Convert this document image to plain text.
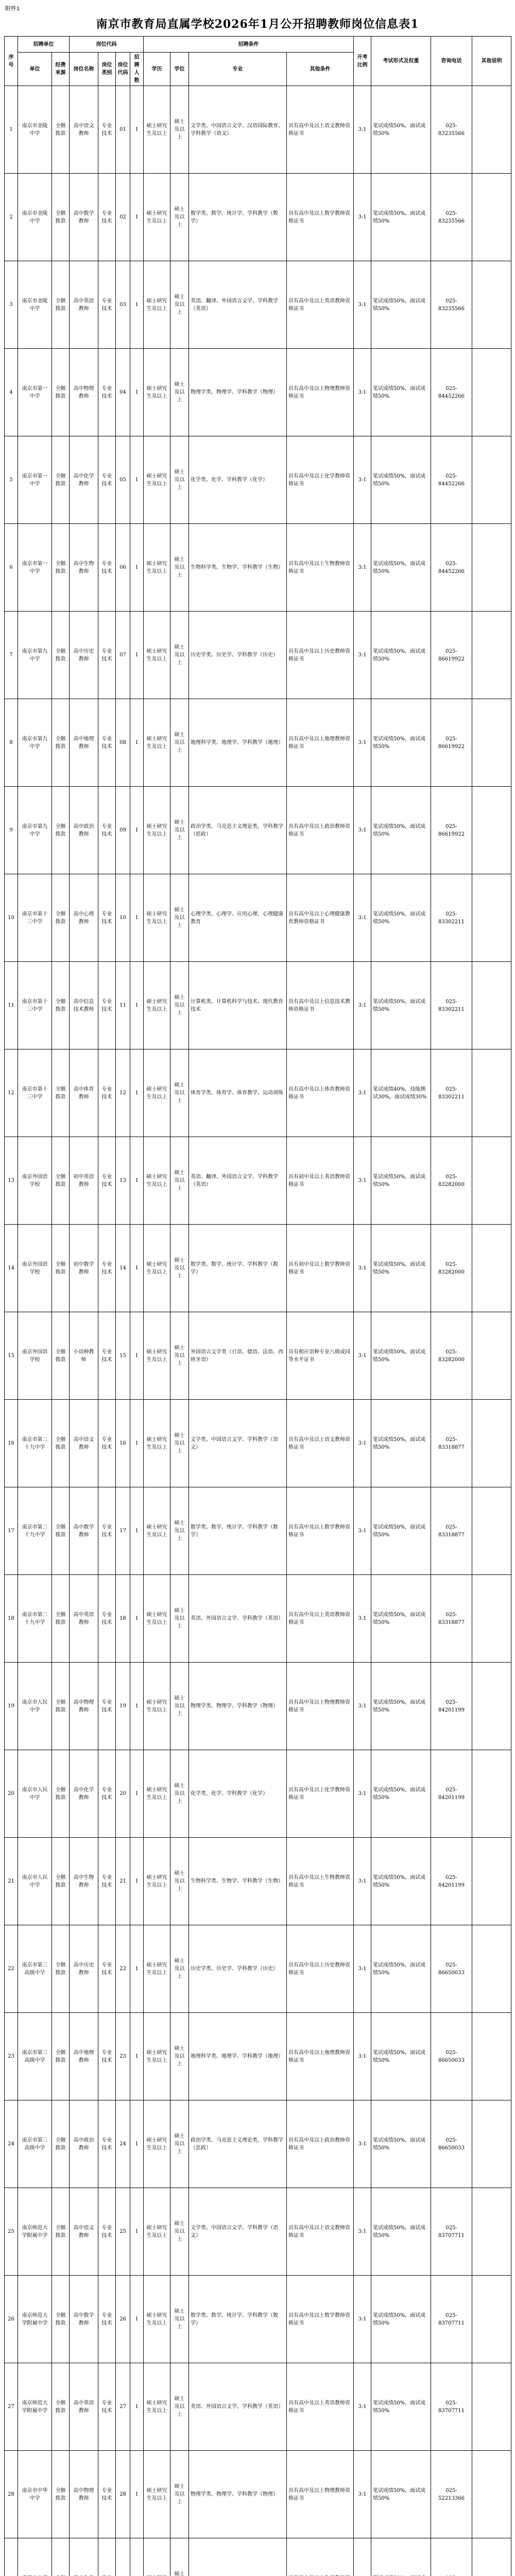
附件1
南京市教育局直属学校2026年1月公开招聘教师岗位信息表1
序号	招聘单位		岗位代码				招聘条件				开考比例	考试形式及权重	咨询电话	其他说明
	单位	经费来源	岗位名称	岗位类别	岗位代码	招聘人数	学历	学位	专业	其他条件				
1	南京市金陵中学	全额拨款	高中语文教师	专业技术	01	1	硕士研究生及以上	硕士及以上	文学类、中国语言文学、汉语国际教育、学科教学（语文）	具有高中及以上语文教师资格证书	3:1	笔试成绩50%，面试成绩50%	025-83235566	
2	南京市金陵中学	全额拨款	高中数学教师	专业技术	02	1	硕士研究生及以上	硕士及以上	数学类、数学、统计学、学科教学（数学）	具有高中及以上数学教师资格证书	3:1	笔试成绩50%，面试成绩50%	025-83235566	
3	南京市金陵中学	全额拨款	高中英语教师	专业技术	03	1	硕士研究生及以上	硕士及以上	英语、翻译、外国语言文学、学科教学（英语）	具有高中及以上英语教师资格证书	3:1	笔试成绩50%，面试成绩50%	025-83235566	
4	南京市第一中学	全额拨款	高中物理教师	专业技术	04	1	硕士研究生及以上	硕士及以上	物理学类、物理学、学科教学（物理）	具有高中及以上物理教师资格证书	3:1	笔试成绩50%，面试成绩50%	025-84452266	
5	南京市第一中学	全额拨款	高中化学教师	专业技术	05	1	硕士研究生及以上	硕士及以上	化学类、化学、学科教学（化学）	具有高中及以上化学教师资格证书	3:1	笔试成绩50%，面试成绩50%	025-84452266	
6	南京市第一中学	全额拨款	高中生物教师	专业技术	06	1	硕士研究生及以上	硕士及以上	生物科学类、生物学、学科教学（生物）	具有高中及以上生物教师资格证书	3:1	笔试成绩50%，面试成绩50%	025-84452266	
7	南京市第九中学	全额拨款	高中历史教师	专业技术	07	1	硕士研究生及以上	硕士及以上	历史学类、历史学、学科教学（历史）	具有高中及以上历史教师资格证书	3:1	笔试成绩50%，面试成绩50%	025-86619922	
8	南京市第九中学	全额拨款	高中地理教师	专业技术	08	1	硕士研究生及以上	硕士及以上	地理科学类、地理学、学科教学（地理）	具有高中及以上地理教师资格证书	3:1	笔试成绩50%，面试成绩50%	025-86619922	
9	南京市第九中学	全额拨款	高中政治教师	专业技术	09	1	硕士研究生及以上	硕士及以上	政治学类、马克思主义理论类、学科教学（思政）	具有高中及以上政治教师资格证书	3:1	笔试成绩50%，面试成绩50%	025-86619922	
10	南京市第十三中学	全额拨款	高中心理教师	专业技术	10	1	硕士研究生及以上	硕士及以上	心理学类、心理学、应用心理、心理健康教育	具有高中及以上心理健康教育教师资格证书	3:1	笔试成绩50%，面试成绩50%	025-83302211	
11	南京市第十三中学	全额拨款	高中信息技术教师	专业技术	11	1	硕士研究生及以上	硕士及以上	计算机类、计算机科学与技术、现代教育技术	具有高中及以上信息技术教师资格证书	3:1	笔试成绩50%，面试成绩50%	025-83302211	
12	南京市第十三中学	全额拨款	高中体育教师	专业技术	12	1	硕士研究生及以上	硕士及以上	体育学类、体育学、体育教学、运动训练	具有高中及以上体育教师资格证书	3:1	笔试成绩40%，技能测试30%，面试成绩30%	025-83302211	
13	南京外国语学校	全额拨款	初中英语教师	专业技术	13	1	硕士研究生及以上	硕士及以上	英语、翻译、外国语言文学、学科教学（英语）	具有初中及以上英语教师资格证书	3:1	笔试成绩50%，面试成绩50%	025-83282000	
14	南京外国语学校	全额拨款	初中数学教师	专业技术	14	1	硕士研究生及以上	硕士及以上	数学类、数学、统计学、学科教学（数学）	具有初中及以上数学教师资格证书	3:1	笔试成绩50%，面试成绩50%	025-83282000	
15	南京外国语学校	全额拨款	小语种教师	专业技术	15	1	硕士研究生及以上	硕士及以上	外国语言文学类（日语、德语、法语、西班牙语）	具有相应语种专业八级或同等水平证书	3:1	笔试成绩50%，面试成绩50%	025-83282000	
16	南京市第二十九中学	全额拨款	高中语文教师	专业技术	16	1	硕士研究生及以上	硕士及以上	文学类、中国语言文学、学科教学（语文）	具有高中及以上语文教师资格证书	3:1	笔试成绩50%，面试成绩50%	025-83318877	
17	南京市第二十九中学	全额拨款	高中数学教师	专业技术	17	1	硕士研究生及以上	硕士及以上	数学类、数学、统计学、学科教学（数学）	具有高中及以上数学教师资格证书	3:1	笔试成绩50%，面试成绩50%	025-83318877	
18	南京市第二十九中学	全额拨款	高中英语教师	专业技术	18	1	硕士研究生及以上	硕士及以上	英语、外国语言文学、学科教学（英语）	具有高中及以上英语教师资格证书	3:1	笔试成绩50%，面试成绩50%	025-83318877	
19	南京市人民中学	全额拨款	高中物理教师	专业技术	19	1	硕士研究生及以上	硕士及以上	物理学类、物理学、学科教学（物理）	具有高中及以上物理教师资格证书	3:1	笔试成绩50%，面试成绩50%	025-84201199	
20	南京市人民中学	全额拨款	高中化学教师	专业技术	20	1	硕士研究生及以上	硕士及以上	化学类、化学、学科教学（化学）	具有高中及以上化学教师资格证书	3:1	笔试成绩50%，面试成绩50%	025-84201199	
21	南京市人民中学	全额拨款	高中生物教师	专业技术	21	1	硕士研究生及以上	硕士及以上	生物科学类、生物学、学科教学（生物）	具有高中及以上生物教师资格证书	3:1	笔试成绩50%，面试成绩50%	025-84201199	
22	南京市第三高级中学	全额拨款	高中历史教师	专业技术	22	1	硕士研究生及以上	硕士及以上	历史学类、历史学、学科教学（历史）	具有高中及以上历史教师资格证书	3:1	笔试成绩50%，面试成绩50%	025-86650033	
23	南京市第三高级中学	全额拨款	高中地理教师	专业技术	23	1	硕士研究生及以上	硕士及以上	地理科学类、地理学、学科教学（地理）	具有高中及以上地理教师资格证书	3:1	笔试成绩50%，面试成绩50%	025-86650033	
24	南京市第三高级中学	全额拨款	高中政治教师	专业技术	24	1	硕士研究生及以上	硕士及以上	政治学类、马克思主义理论类、学科教学（思政）	具有高中及以上政治教师资格证书	3:1	笔试成绩50%，面试成绩50%	025-86650033	
25	南京师范大学附属中学	全额拨款	高中语文教师	专业技术	25	1	硕士研究生及以上	硕士及以上	文学类、中国语言文学、学科教学（语文）	具有高中及以上语文教师资格证书	3:1	笔试成绩50%，面试成绩50%	025-83707711	
26	南京师范大学附属中学	全额拨款	高中数学教师	专业技术	26	1	硕士研究生及以上	硕士及以上	数学类、数学、统计学、学科教学（数学）	具有高中及以上数学教师资格证书	3:1	笔试成绩50%，面试成绩50%	025-83707711	
27	南京师范大学附属中学	全额拨款	高中英语教师	专业技术	27	1	硕士研究生及以上	硕士及以上	英语、外国语言文学、学科教学（英语）	具有高中及以上英语教师资格证书	3:1	笔试成绩50%，面试成绩50%	025-83707711	
28	南京市中华中学	全额拨款	高中物理教师	专业技术	28	1	硕士研究生及以上	硕士及以上	物理学类、物理学、学科教学（物理）	具有高中及以上物理教师资格证书	3:1	笔试成绩50%，面试成绩50%	025-52213366	
								硕士						
